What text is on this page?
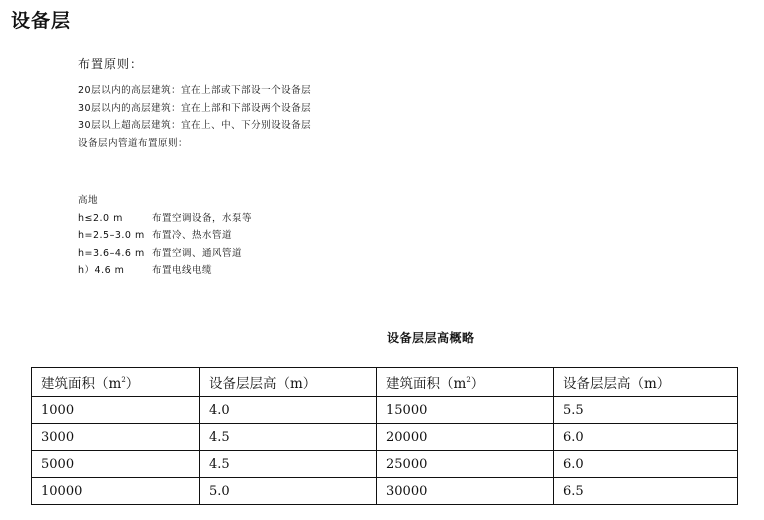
设备层
布置原则：
20层以内的高层建筑：宜在上部或下部设一个设备层
30层以内的高层建筑：宜在上部和下部设两个设备层
30层以上超高层建筑：宜在上、中、下分别设设备层
设备层内管道布置原则：
高地
h≤2.0 m	布置空调设备，水泵等
h=2.5–3.0 m 布置冷、热水管道
h=3.6–4.6 m 布置空调、通风管道
h）4.6 m	布置电线电缆
设备层层高概略
建筑面积$(m^2)$	设备层层高（m）	建筑面积$(m^2)$	设备层层高（m）
1000	4.0	15000	5.5
3000	4.5	20000	6.0
5000	4.5	25000	6.0
10000	5.0	30000	6.5
